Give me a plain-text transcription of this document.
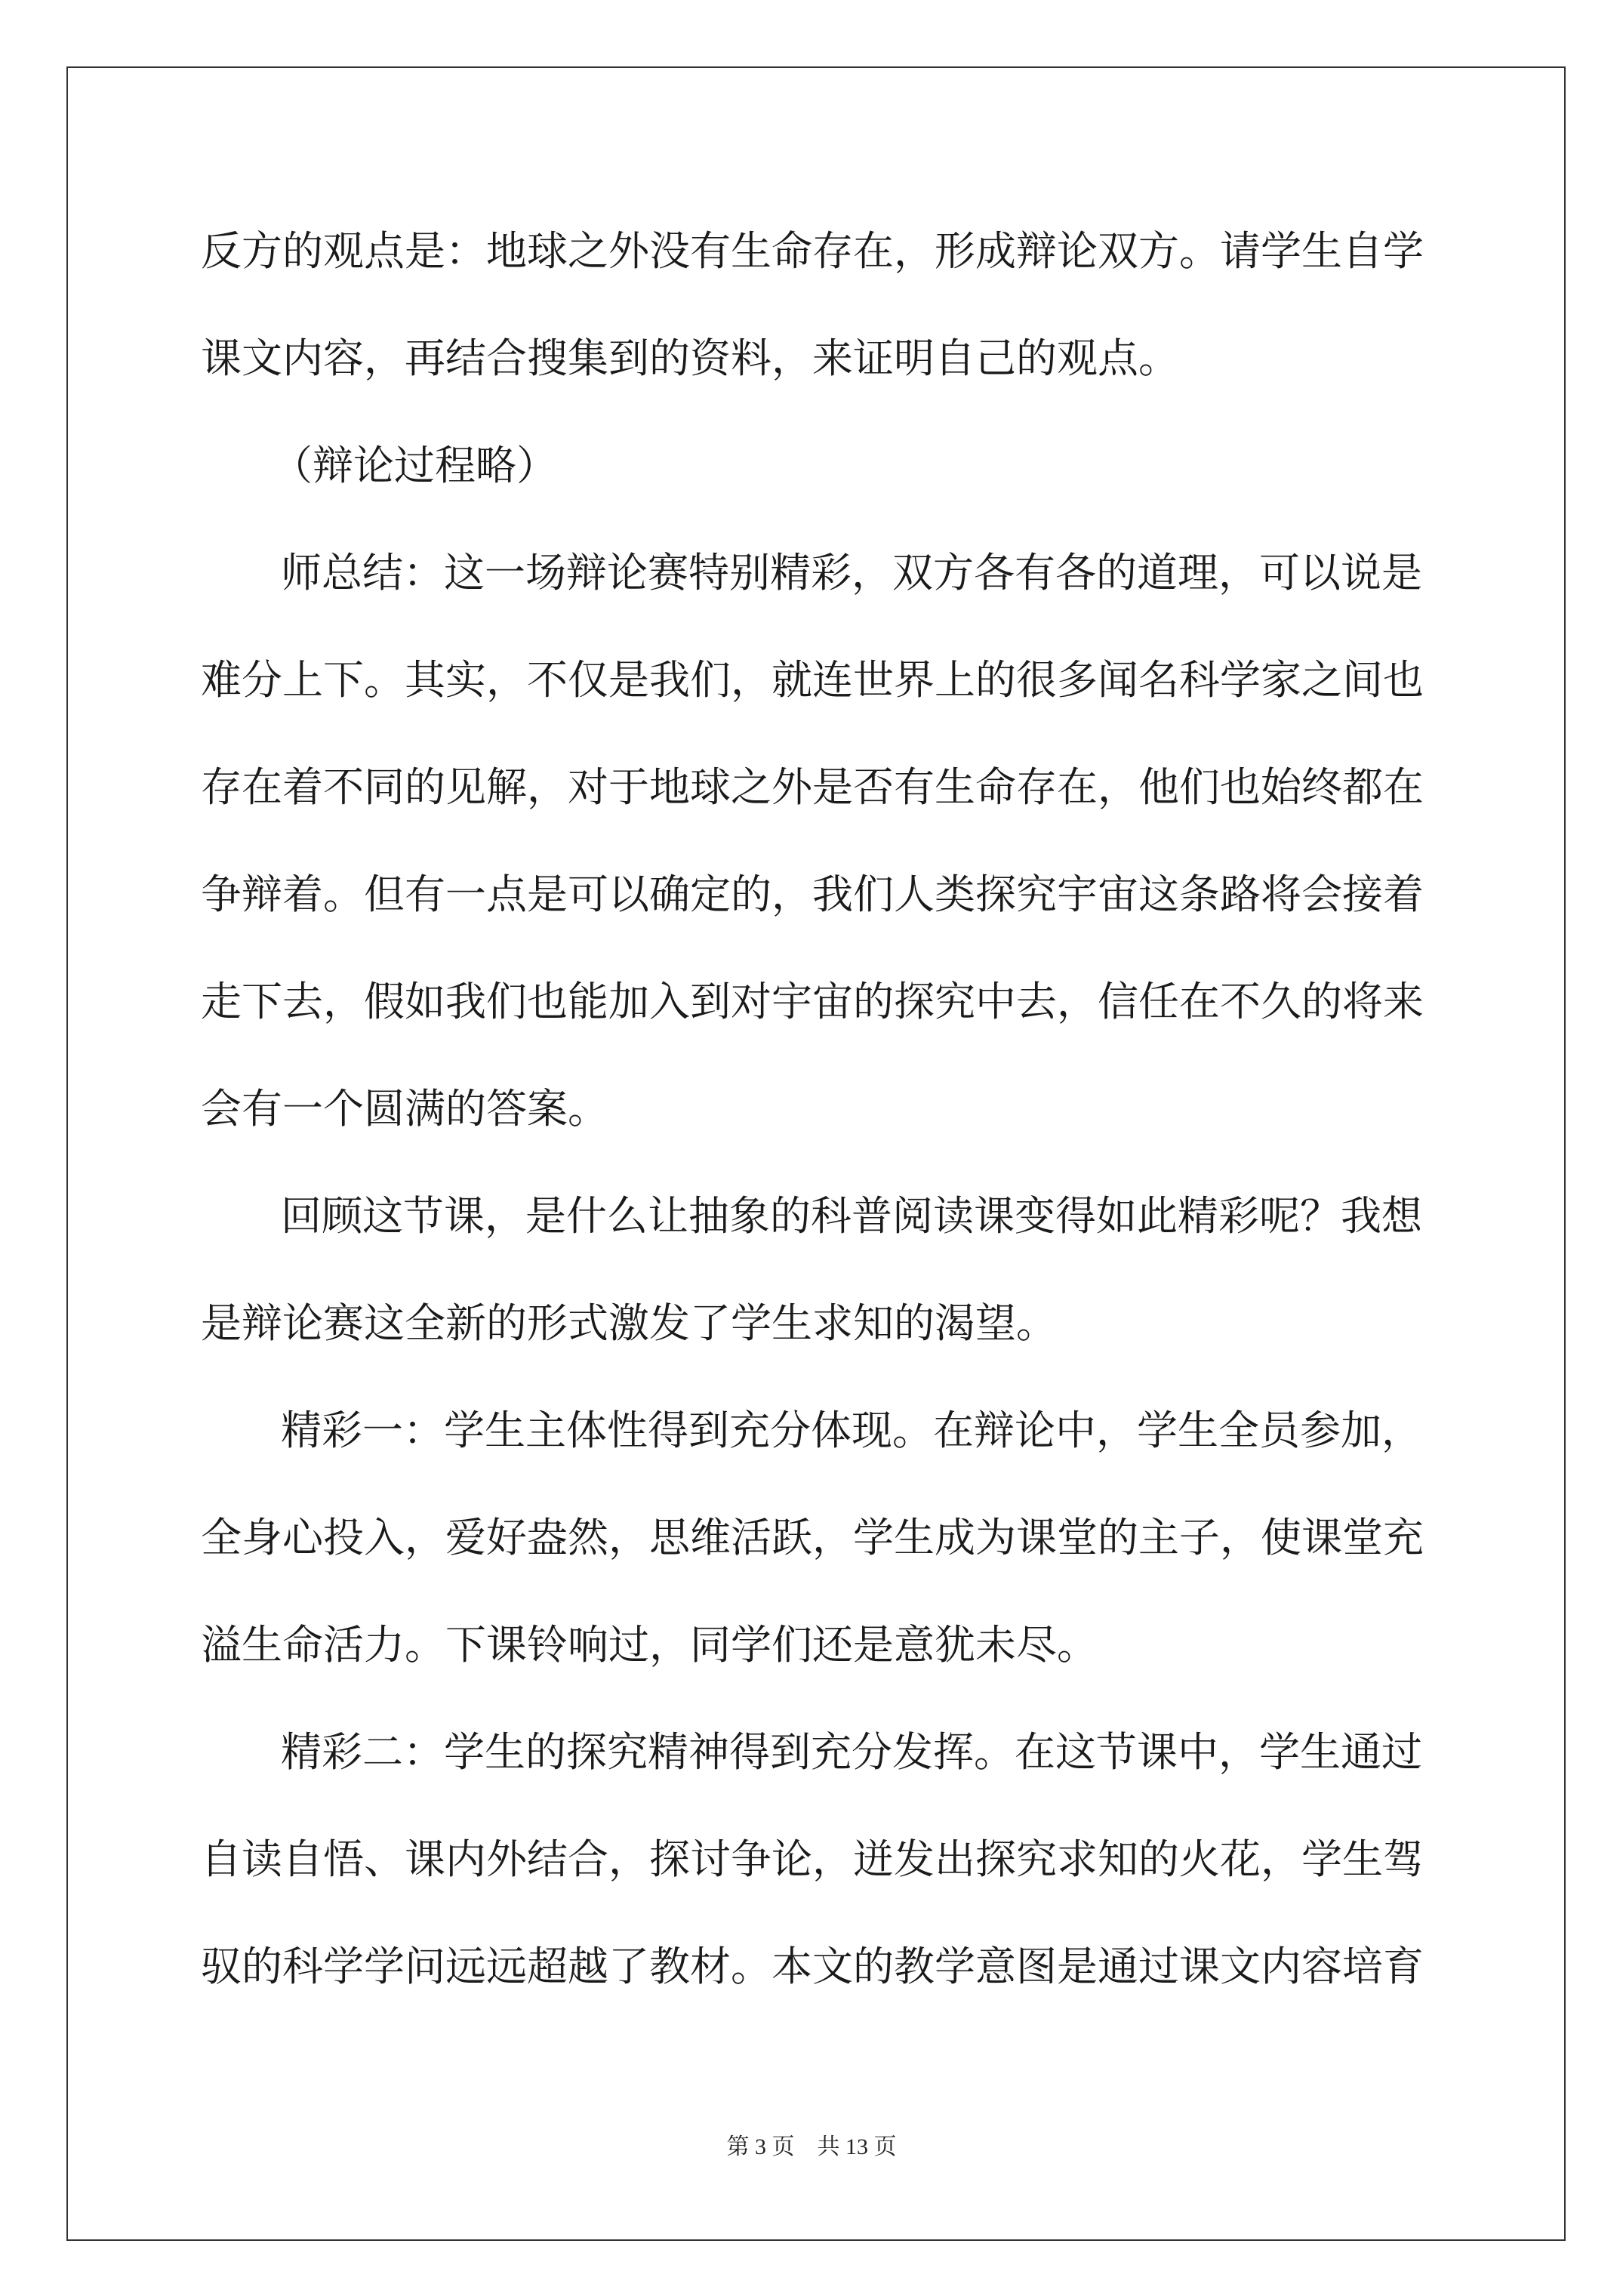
反方的观点是：地球之外没有生命存在，形成辩论双方。请学生自学
课文内容，再结合搜集到的资料，来证明自己的观点。
（辩论过程略）
师总结：这一场辩论赛特别精彩，双方各有各的道理，可以说是
难分上下。其实，不仅是我们，就连世界上的很多闻名科学家之间也
存在着不同的见解，对于地球之外是否有生命存在，他们也始终都在
争辩着。但有一点是可以确定的，我们人类探究宇宙这条路将会接着
走下去，假如我们也能加入到对宇宙的探究中去，信任在不久的将来
会有一个圆满的答案。
回顾这节课，是什么让抽象的科普阅读课变得如此精彩呢？我想
是辩论赛这全新的形式激发了学生求知的渴望。
精彩一：学生主体性得到充分体现。在辩论中，学生全员参加，
全身心投入，爱好盎然，思维活跃，学生成为课堂的主子，使课堂充
溢生命活力。下课铃响过，同学们还是意犹未尽。
精彩二：学生的探究精神得到充分发挥。在这节课中，学生通过
自读自悟、课内外结合，探讨争论，迸发出探究求知的火花，学生驾
驭的科学学问远远超越了教材。本文的教学意图是通过课文内容培育
第 3 页　共 13 页
